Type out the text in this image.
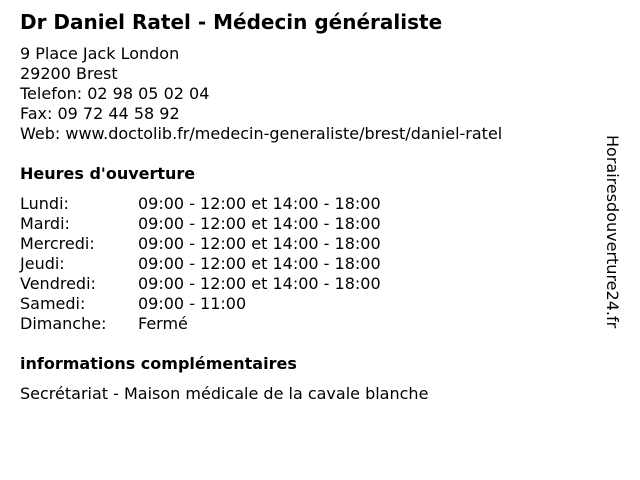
Dr Daniel Ratel - Médecin généraliste
9 Place Jack London
29200 Brest
Telefon: 02 98 05 02 04
Fax: 09 72 44 58 92
Web: www.doctolib.fr/medecin-generaliste/brest/daniel-ratel
Heures d'ouverture
Lundi:	09:00 - 12:00 et 14:00 - 18:00
Mardi:	09:00 - 12:00 et 14:00 - 18:00
Mercredi:	09:00 - 12:00 et 14:00 - 18:00
Jeudi:	09:00 - 12:00 et 14:00 - 18:00
Vendredi:	09:00 - 12:00 et 14:00 - 18:00
Samedi:	09:00 - 11:00
Dimanche:	Fermé
informations complémentaires
Secrétariat - Maison médicale de la cavale blanche
Horairesdouverture24.fr
